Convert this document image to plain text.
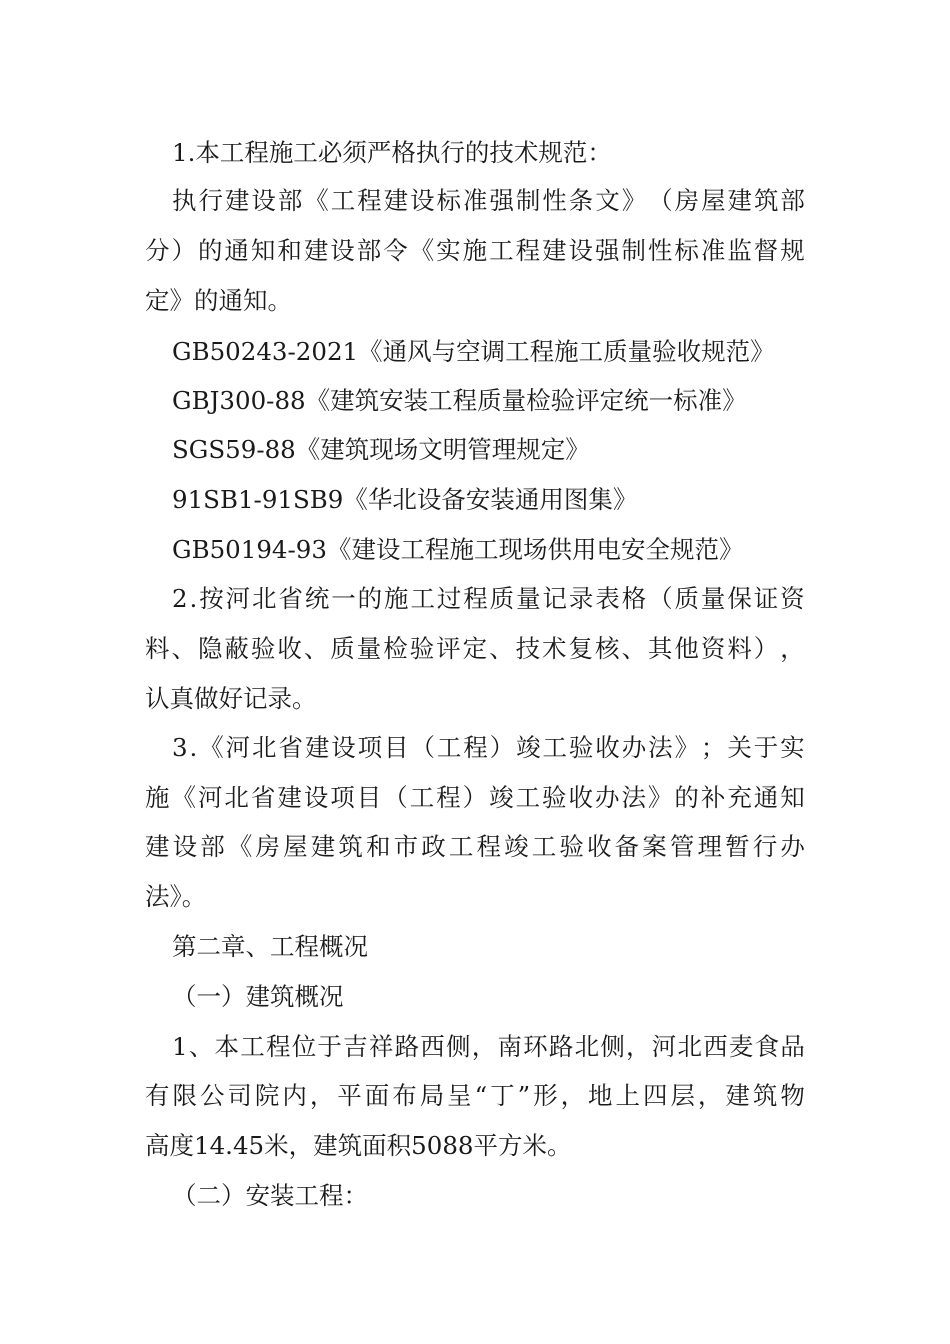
1.本工程施工必须严格执行的技术规范：
执 行 建 设 部 《 工 程 建 设 标 准 强 制 性 条 文 》 （ 房 屋 建 筑 部
分 ） 的 通 知 和 建 设 部 令 《 实 施 工 程 建 设 强 制 性 标 准 监 督 规
定》的通知。
GB50243-2021《通风与空调工程施工质量验收规范》
GBJ300-88《建筑安装工程质量检验评定统一标准》
SGS59-88《建筑现场文明管理规定》
91SB1-91SB9《华北设备安装通用图集》
GB50194-93《建设工程施工现场供用电安全规范》
2 . 按 河 北 省 统 一 的 施 工 过 程 质 量 记 录 表 格 （ 质 量 保 证 资
料 、 隐 蔽 验 收 、 质 量 检 验 评 定 、 技 术 复 核 、 其 他 资 料 ） ，
认真做好记录。
3 . 《 河 北 省 建 设 项 目 （ 工 程 ） 竣 工 验 收 办 法 》 ； 关 于 实
施 《 河 北 省 建 设 项 目 （ 工 程 ） 竣 工 验 收 办 法 》 的 补 充 通 知
建 设 部 《 房 屋 建 筑 和 市 政 工 程 竣 工 验 收 备 案 管 理 暂 行 办
法》。
第二章、工程概况
（一）建筑概况
1 、 本 工 程 位 于 吉 祥 路 西 侧 ， 南 环 路 北 侧 ， 河 北 西 麦 食 品
有 限 公 司 院 内 ， 平 面 布 局 呈 “ 丁 ” 形 ， 地 上 四 层 ， 建 筑 物
高度14.45米，建筑面积5088平方米。
（二）安装工程：
